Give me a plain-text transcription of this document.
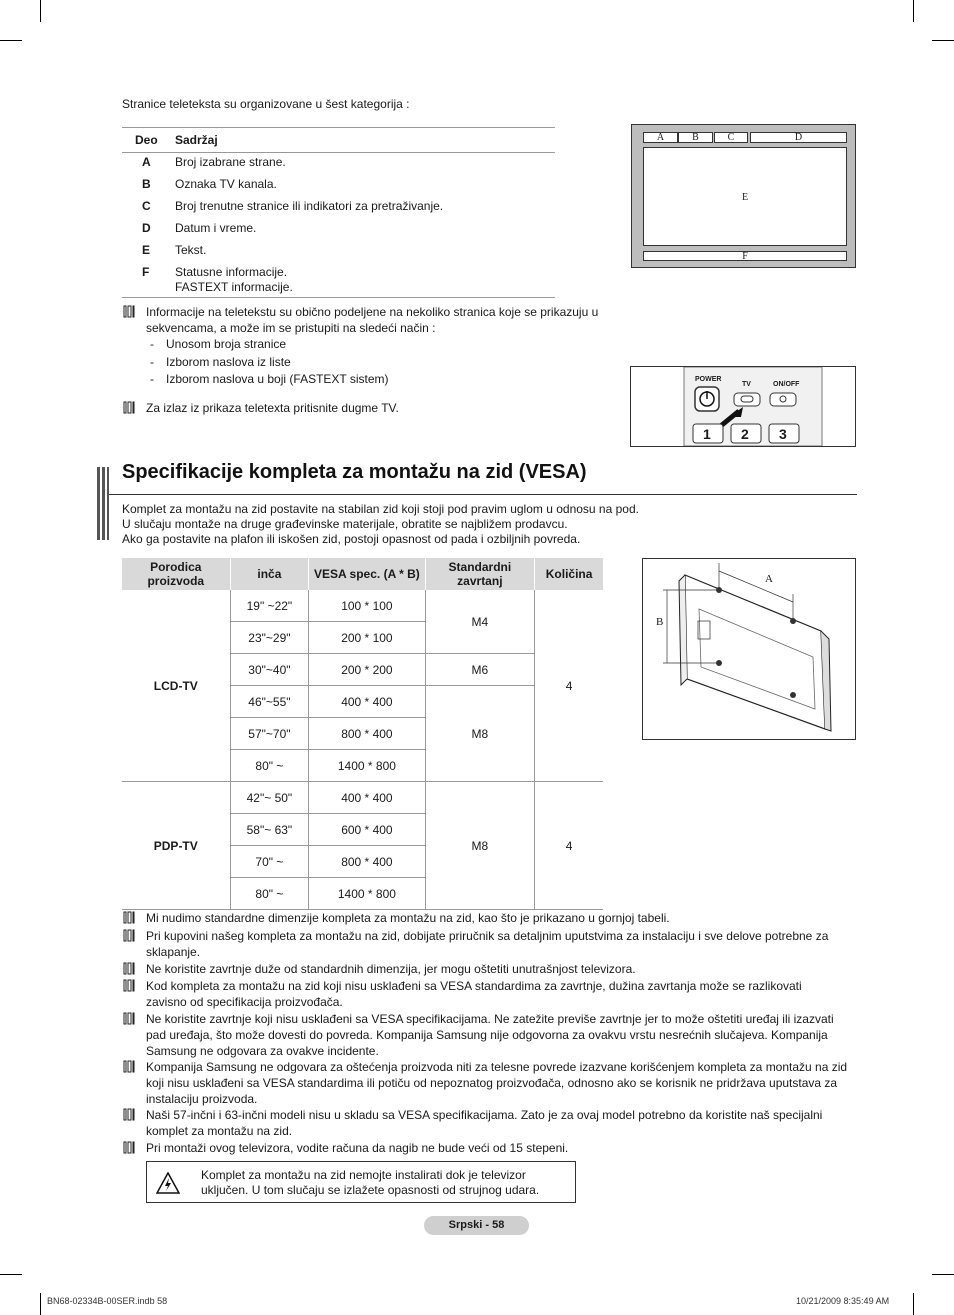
Stranice teleteksta su organizovane u šest kategorija :
Deo Sadržaj
A Broj izabrane strane.
B Oznaka TV kanala.
C Broj trenutne stranice ili indikatori za pretraživanje.
D Datum i vreme.
E Tekst.
F Statusne informacije.
FASTEXT informacije.
A	B	C	D
E
F
Informacije na teletekstu su obično podeljene na nekoliko stranica koje se prikazuju u sekvencama, a može im se pristupiti na sledeći način :
- Unosom broja stranice
- Izborom naslova iz liste
- Izborom naslova u boji (FASTEXT sistem)
Za izlaz iz prikaza teletexta pritisnite dugme TV.
POWER
TV	ON/OFF
1 2 3
Specifikacije kompleta za montažu na zid (VESA)
Komplet za montažu na zid postavite na stabilan zid koji stoji pod pravim uglom u odnosu na pod.
U slučaju montaže na druge građevinske materijale, obratite se najbližem prodavcu.
Ako ga postavite na plafon ili iskošen zid, postoji opasnost od pada i ozbiljnih povreda.
Porodica proizvoda	inča	VESA spec. (A * B)	Standardni zavrtanj	Količina
LCD-TV	19" ~22"	100 * 100	M4	4
	23"~29"	200 * 100		
	30"~40"	200 * 200	M6	
	46"~55"	400 * 400	M8	
	57"~70"	800 * 400		
	80" ~	1400 * 800		
PDP-TV	42"~ 50"	400 * 400	M8	4
	58"~ 63"	600 * 400		
	70" ~	800 * 400		
	80" ~	1400 * 800		
A
B
Mi nudimo standardne dimenzije kompleta za montažu na zid, kao što je prikazano u gornjoj tabeli.
Pri kupovini našeg kompleta za montažu na zid, dobijate priručnik sa detaljnim uputstvima za instalaciju i sve delove potrebne za sklapanje.
Ne koristite zavrtnje duže od standardnih dimenzija, jer mogu oštetiti unutrašnjost televizora.
Kod kompleta za montažu na zid koji nisu usklađeni sa VESA standardima za zavrtnje, dužina zavrtanja može se razlikovati zavisno od specifikacija proizvođača.
Ne koristite zavrtnje koji nisu usklađeni sa VESA specifikacijama. Ne zatežite previše zavrtnje jer to može oštetiti uređaj ili izazvati pad uređaja, što može dovesti do povreda. Kompanija Samsung nije odgovorna za ovakvu vrstu nesrećnih slučajeva. Kompanija Samsung ne odgovara za ovakve incidente.
Kompanija Samsung ne odgovara za oštećenja proizvoda niti za telesne povrede izazvane korišćenjem kompleta za montažu na zid koji nisu usklađeni sa VESA standardima ili potiču od nepoznatog proizvođača, odnosno ako se korisnik ne pridržava uputstava za instalaciju proizvoda.
Naši 57-inčni i 63-inčni modeli nisu u skladu sa VESA specifikacijama. Zato je za ovaj model potrebno da koristite naš specijalni komplet za montažu na zid.
Pri montaži ovog televizora, vodite računa da nagib ne bude veći od 15 stepeni.
Komplet za montažu na zid nemojte instalirati dok je televizor uključen. U tom slučaju se izlažete opasnosti od strujnog udara.
Srpski - 58
BN68-02334B-00SER.indb 58	10/21/2009 8:35:49 AM
